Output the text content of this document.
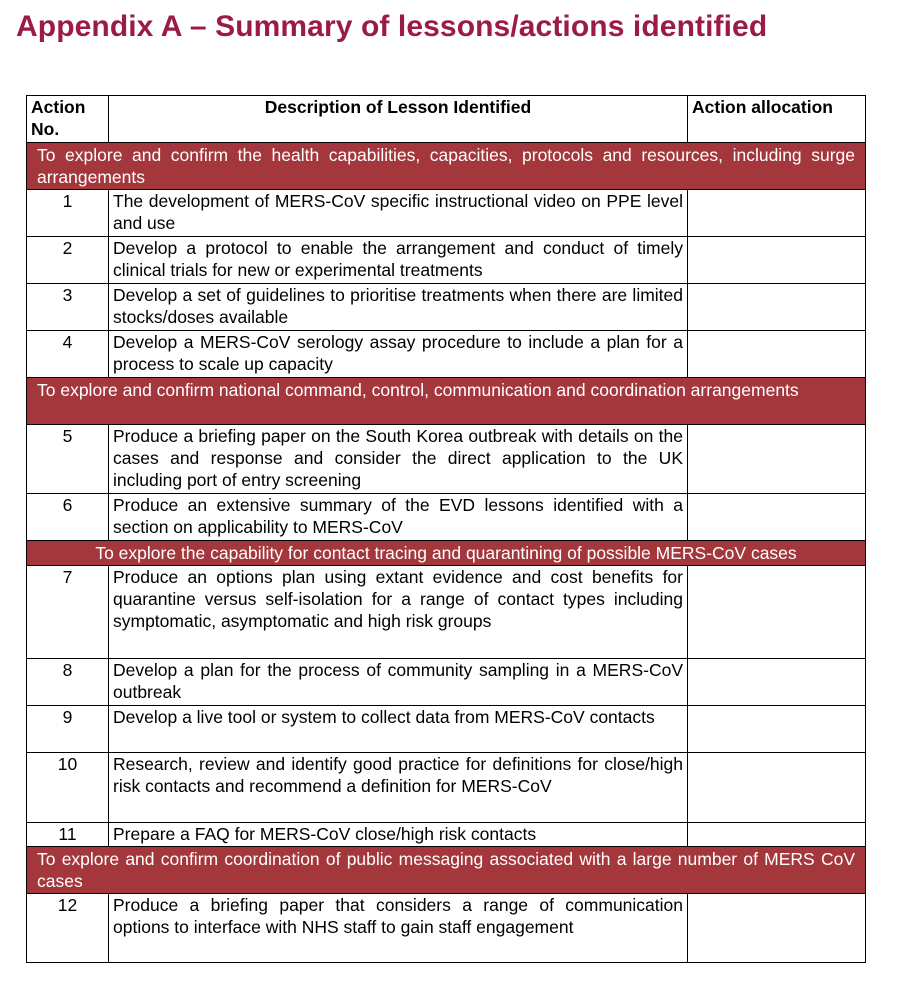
Appendix A – Summary of lessons/actions identified
Action No.	Description of Lesson Identified	Action allocation
To explore and confirm the health capabilities, capacities, protocols and resources, including surge arrangements		
1	The development of MERS-CoV specific instructional video on PPE level and use	
2	Develop a protocol to enable the arrangement and conduct of timely clinical trials for new or experimental treatments	
3	Develop a set of guidelines to prioritise treatments when there are limited stocks/doses available	
4	Develop a MERS-CoV serology assay procedure to include a plan for a process to scale up capacity	
To explore and confirm national command, control, communication and coordination arrangements		
5	Produce a briefing paper on the South Korea outbreak with details on the cases and response and consider the direct application to the UK including port of entry screening	
6	Produce an extensive summary of the EVD lessons identified with a section on applicability to MERS-CoV	
To explore the capability for contact tracing and quarantining of possible MERS-CoV cases		
7	Produce an options plan using extant evidence and cost benefits for quarantine versus self-isolation for a range of contact types including symptomatic, asymptomatic and high risk groups	
8	Develop a plan for the process of community sampling in a MERS-CoV outbreak	
9	Develop a live tool or system to collect data from MERS-CoV contacts	
10	Research, review and identify good practice for definitions for close/high risk contacts and recommend a definition for MERS-CoV	
11	Prepare a FAQ for MERS-CoV close/high risk contacts	
To explore and confirm coordination of public messaging associated with a large number of MERS CoV cases		
12	Produce a briefing paper that considers a range of communication options to interface with NHS staff to gain staff engagement	
